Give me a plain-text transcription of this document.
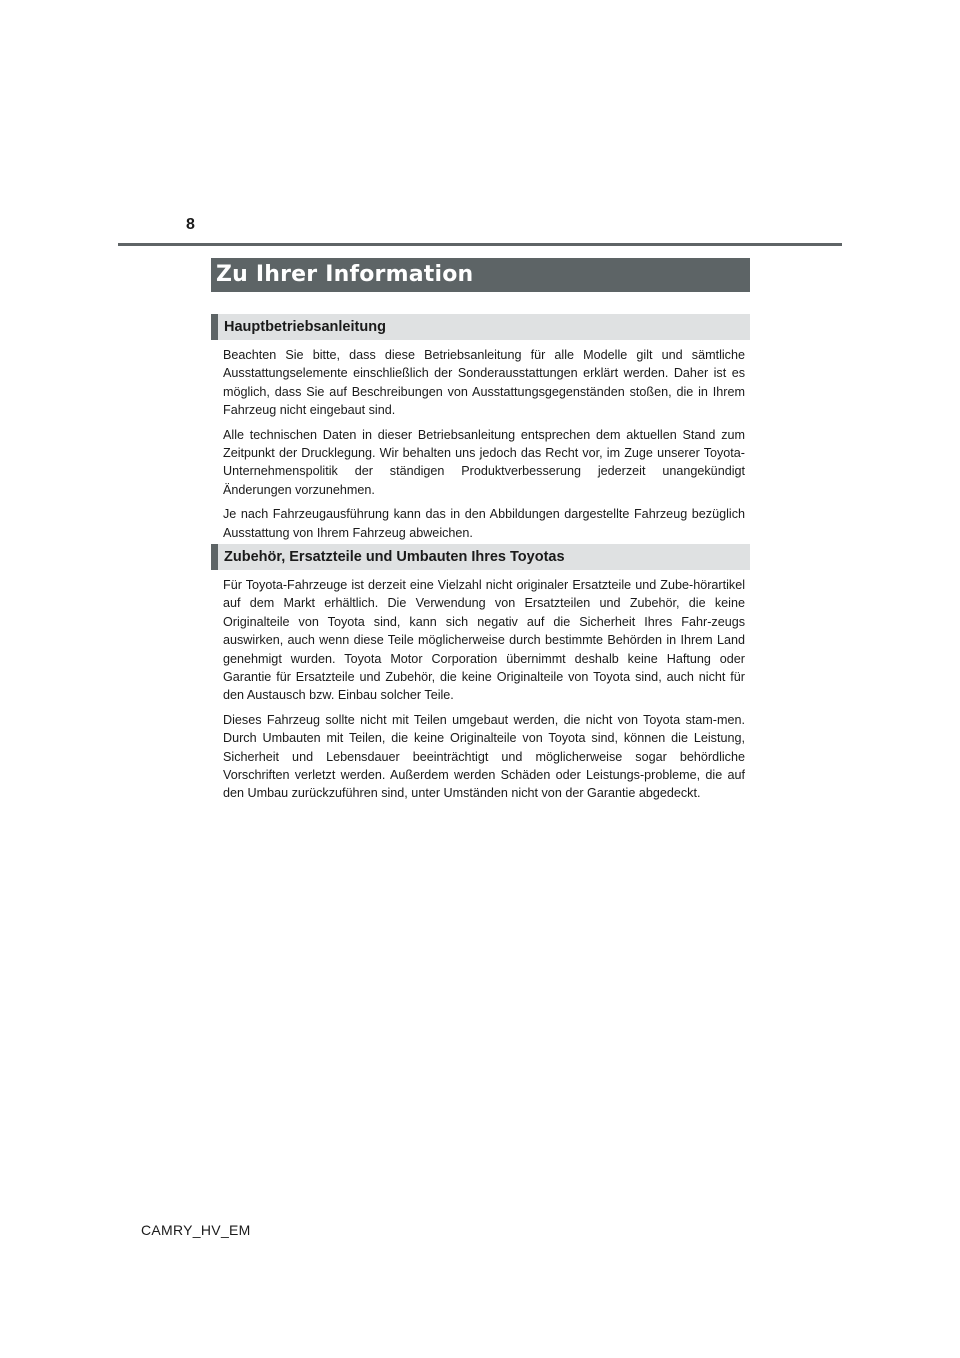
8
Zu Ihrer Information
Hauptbetriebsanleitung

Beachten Sie bitte, dass diese Betriebsanleitung für alle Modelle gilt und sämtliche Ausstattungselemente einschließlich der Sonderausstattungen erklärt werden. Daher ist es möglich, dass Sie auf Beschreibungen von Ausstattungsgegenständen stoßen, die in Ihrem Fahrzeug nicht eingebaut sind.

Alle technischen Daten in dieser Betriebsanleitung entsprechen dem aktuellen Stand zum Zeitpunkt der Drucklegung. Wir behalten uns jedoch das Recht vor, im Zuge unserer Toyota-Unternehmenspolitik der ständigen Produktverbesserung jederzeit unangekündigt Änderungen vorzunehmen.

Je nach Fahrzeugausführung kann das in den Abbildungen dargestellte Fahrzeug bezüglich Ausstattung von Ihrem Fahrzeug abweichen.

Zubehör, Ersatzteile und Umbauten Ihres Toyotas

Für Toyota-Fahrzeuge ist derzeit eine Vielzahl nicht originaler Ersatzteile und Zube-hörartikel auf dem Markt erhältlich. Die Verwendung von Ersatzteilen und Zubehör, die keine Originalteile von Toyota sind, kann sich negativ auf die Sicherheit Ihres Fahr-zeugs auswirken, auch wenn diese Teile möglicherweise durch bestimmte Behörden in Ihrem Land genehmigt wurden. Toyota Motor Corporation übernimmt deshalb keine Haftung oder Garantie für Ersatzteile und Zubehör, die keine Originalteile von Toyota sind, auch nicht für den Austausch bzw. Einbau solcher Teile.

Dieses Fahrzeug sollte nicht mit Teilen umgebaut werden, die nicht von Toyota stam-men. Durch Umbauten mit Teilen, die keine Originalteile von Toyota sind, können die Leistung, Sicherheit und Lebensdauer beeinträchtigt und möglicherweise sogar behördliche Vorschriften verletzt werden. Außerdem werden Schäden oder Leistungs-probleme, die auf den Umbau zurückzuführen sind, unter Umständen nicht von der Garantie abgedeckt.

CAMRY_HV_EM
